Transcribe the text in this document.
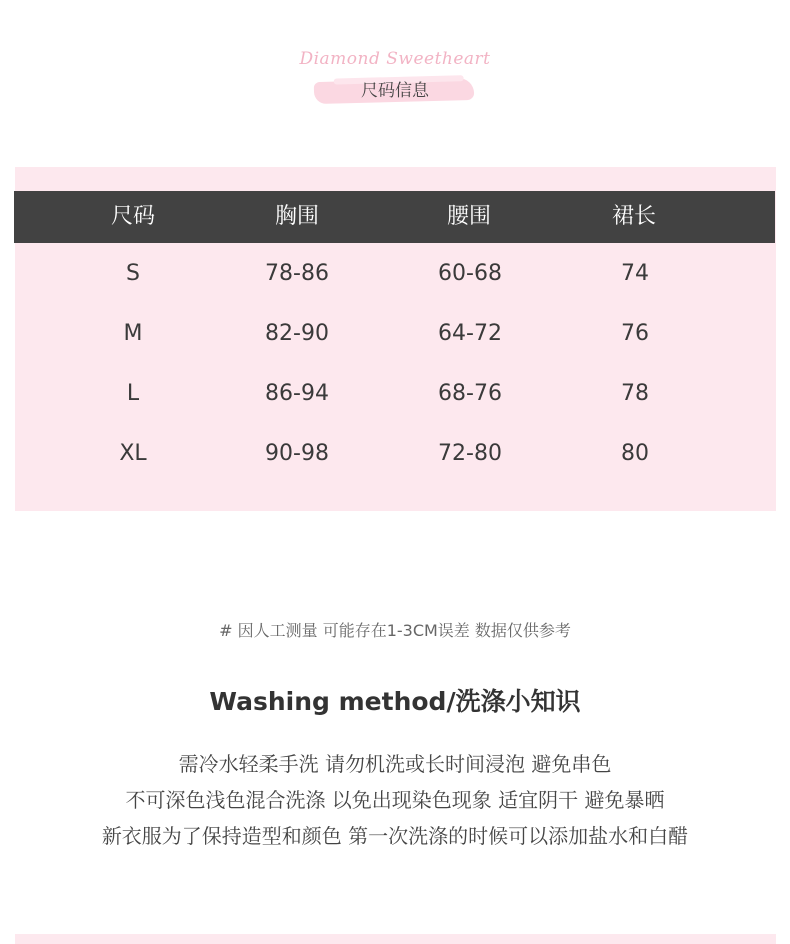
Diamond Sweetheart
尺码信息
尺码	胸围	腰围	裙长
S	78-86	60-68	74
M	82-90	64-72	76
L	86-94	68-76	78
XL	90-98	72-80	80
# 因人工测量 可能存在1-3CM误差 数据仅供参考
Washing method/洗涤小知识
需冷水轻柔手洗 请勿机洗或长时间浸泡 避免串色
不可深色浅色混合洗涤 以免出现染色现象 适宜阴干 避免暴晒
新衣服为了保持造型和颜色 第一次洗涤的时候可以添加盐水和白醋
